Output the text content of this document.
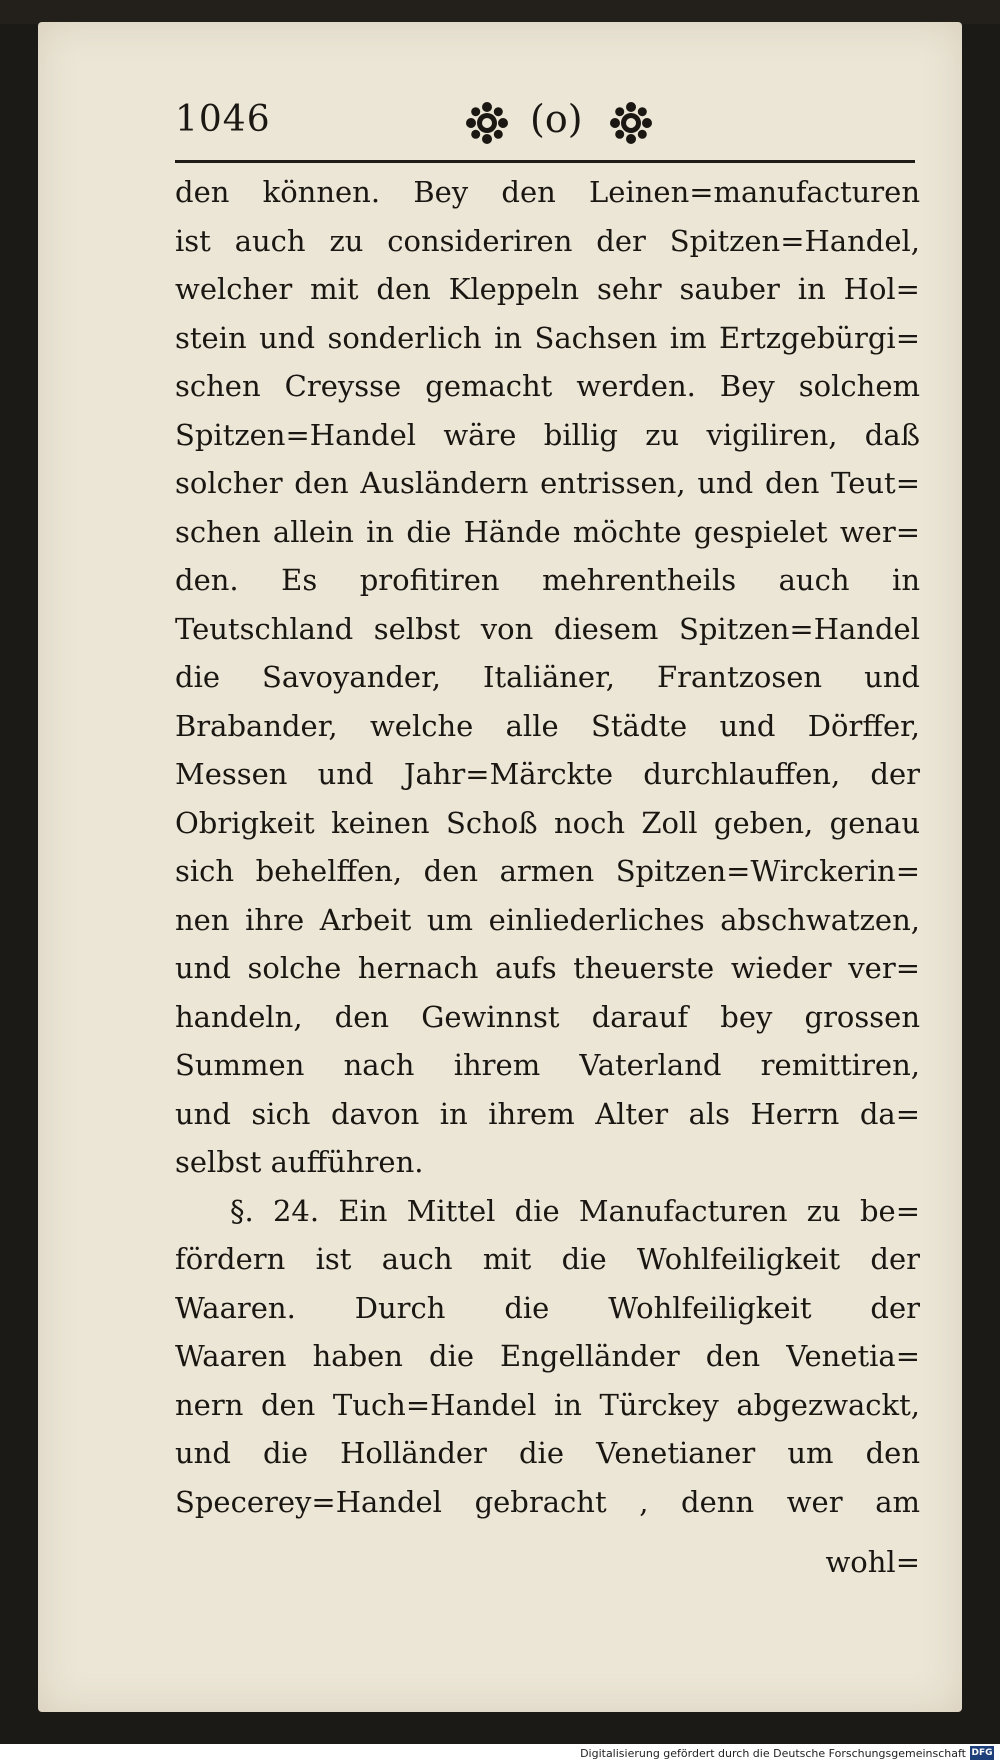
1046	(o)
den können. Bey den Leinen=manufacturen
ist auch zu consideriren der Spitzen=Handel,
welcher mit den Kleppeln sehr sauber in Hol=
stein und sonderlich in Sachsen im Ertzgebürgi=
schen Creysse gemacht werden. Bey solchem
Spitzen=Handel wäre billig zu vigiliren, daß
solcher den Ausländern entrissen, und den Teut=
schen allein in die Hände möchte gespielet wer=
den. Es profitiren mehrentheils auch in
Teutschland selbst von diesem Spitzen=Handel
die Savoyander, Italiäner, Frantzosen und
Brabander, welche alle Städte und Dörffer,
Messen und Jahr=Märckte durchlauffen, der
Obrigkeit keinen Schoß noch Zoll geben, genau
sich behelffen, den armen Spitzen=Wirckerin=
nen ihre Arbeit um einliederliches abschwatzen,
und solche hernach aufs theuerste wieder ver=
handeln, den Gewinnst darauf bey grossen
Summen nach ihrem Vaterland remittiren,
und sich davon in ihrem Alter als Herrn da=
selbst aufführen.
§. 24. Ein Mittel die Manufacturen zu be=
fördern ist auch mit die Wohlfeiligkeit der
Waaren. Durch die Wohlfeiligkeit der
Waaren haben die Engelländer den Venetia=
nern den Tuch=Handel in Türckey abgezwackt,
und die Holländer die Venetianer um den
Specerey=Handel gebracht , denn wer am
wohl=
Digitalisierung gefördert durch die Deutsche Forschungsgemeinschaft DFG
